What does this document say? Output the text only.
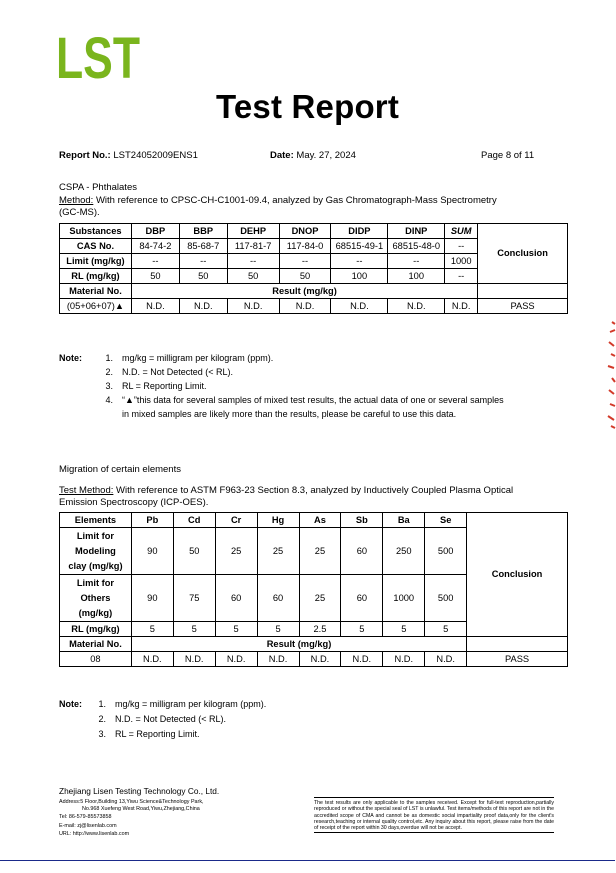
LST
Test Report
Report No.: LST24052009ENS1	Date: May. 27, 2024	Page 8 of 11
CSPA - Phthalates
Method: With reference to CPSC-CH-C1001-09.4, analyzed by Gas Chromatograph-Mass Spectrometry
(GC-MS).
Substances	DBP	BBP	DEHP	DNOP	DIDP	DINP	SUM	Conclusion
CAS No.	84-74-2	85-68-7	117-81-7	117-84-0	68515-49-1	68515-48-0	--	
Limit (mg/kg)	--	--	--	--	--	--	1000	
RL (mg/kg)	50	50	50	50	100	100	--	
Material No.	Result (mg/kg)							
(05+06+07)▲	N.D.	N.D.	N.D.	N.D.	N.D.	N.D.	N.D.	PASS
Note:	1. mg/kg = milligram per kilogram (ppm).
2. N.D. = Not Detected (< RL).
3. RL = Reporting Limit.
4. “▲”this data for several samples of mixed test results, the actual data of one or several samples
in mixed samples are likely more than the results, please be careful to use this data.
Migration of certain elements
Test Method: With reference to ASTM F963-23 Section 8.3, analyzed by Inductively Coupled Plasma Optical
Emission Spectroscopy (ICP-OES).
Elements	Pb	Cd	Cr	Hg	As	Sb	Ba	Se	Conclusion
Limit for
Modeling
clay (mg/kg)	90	50	25	25	25	60	250	500	
Limit for
Others
(mg/kg)	90	75	60	60	25	60	1000	500	
RL (mg/kg)	5	5	5	5	2.5	5	5	5	
Material No.	Result (mg/kg)								
08	N.D.	N.D.	N.D.	N.D.	N.D.	N.D.	N.D.	N.D.	PASS
Note:	1. mg/kg = milligram per kilogram (ppm).
2. N.D. = Not Detected (< RL).
3. RL = Reporting Limit.
Zhejiang Lisen Testing Technology Co., Ltd.
Address:5 Floor,Building 13,Yiwu Science&Technology Park,
No.968 Xuefeng West Road,Yiwu,Zhejiang,China
Tel: 86-579-85573858
E-mail: zj@lisenlab.com
URL: http://www.lisenlab.com
The test results are only applicable to the samples received. Except for full-text reproduction,partially reproduced or without the special seal of LST is unlawful. Test items/methods of this report are not in the accredited scope of CMA and cannot be as domestic social impartiality proof data,only for the client's research,teaching or internal quality control,etc. Any inquiry about this report, please raise from the date of receipt of the report within 30 days,overdue will not be accept.
